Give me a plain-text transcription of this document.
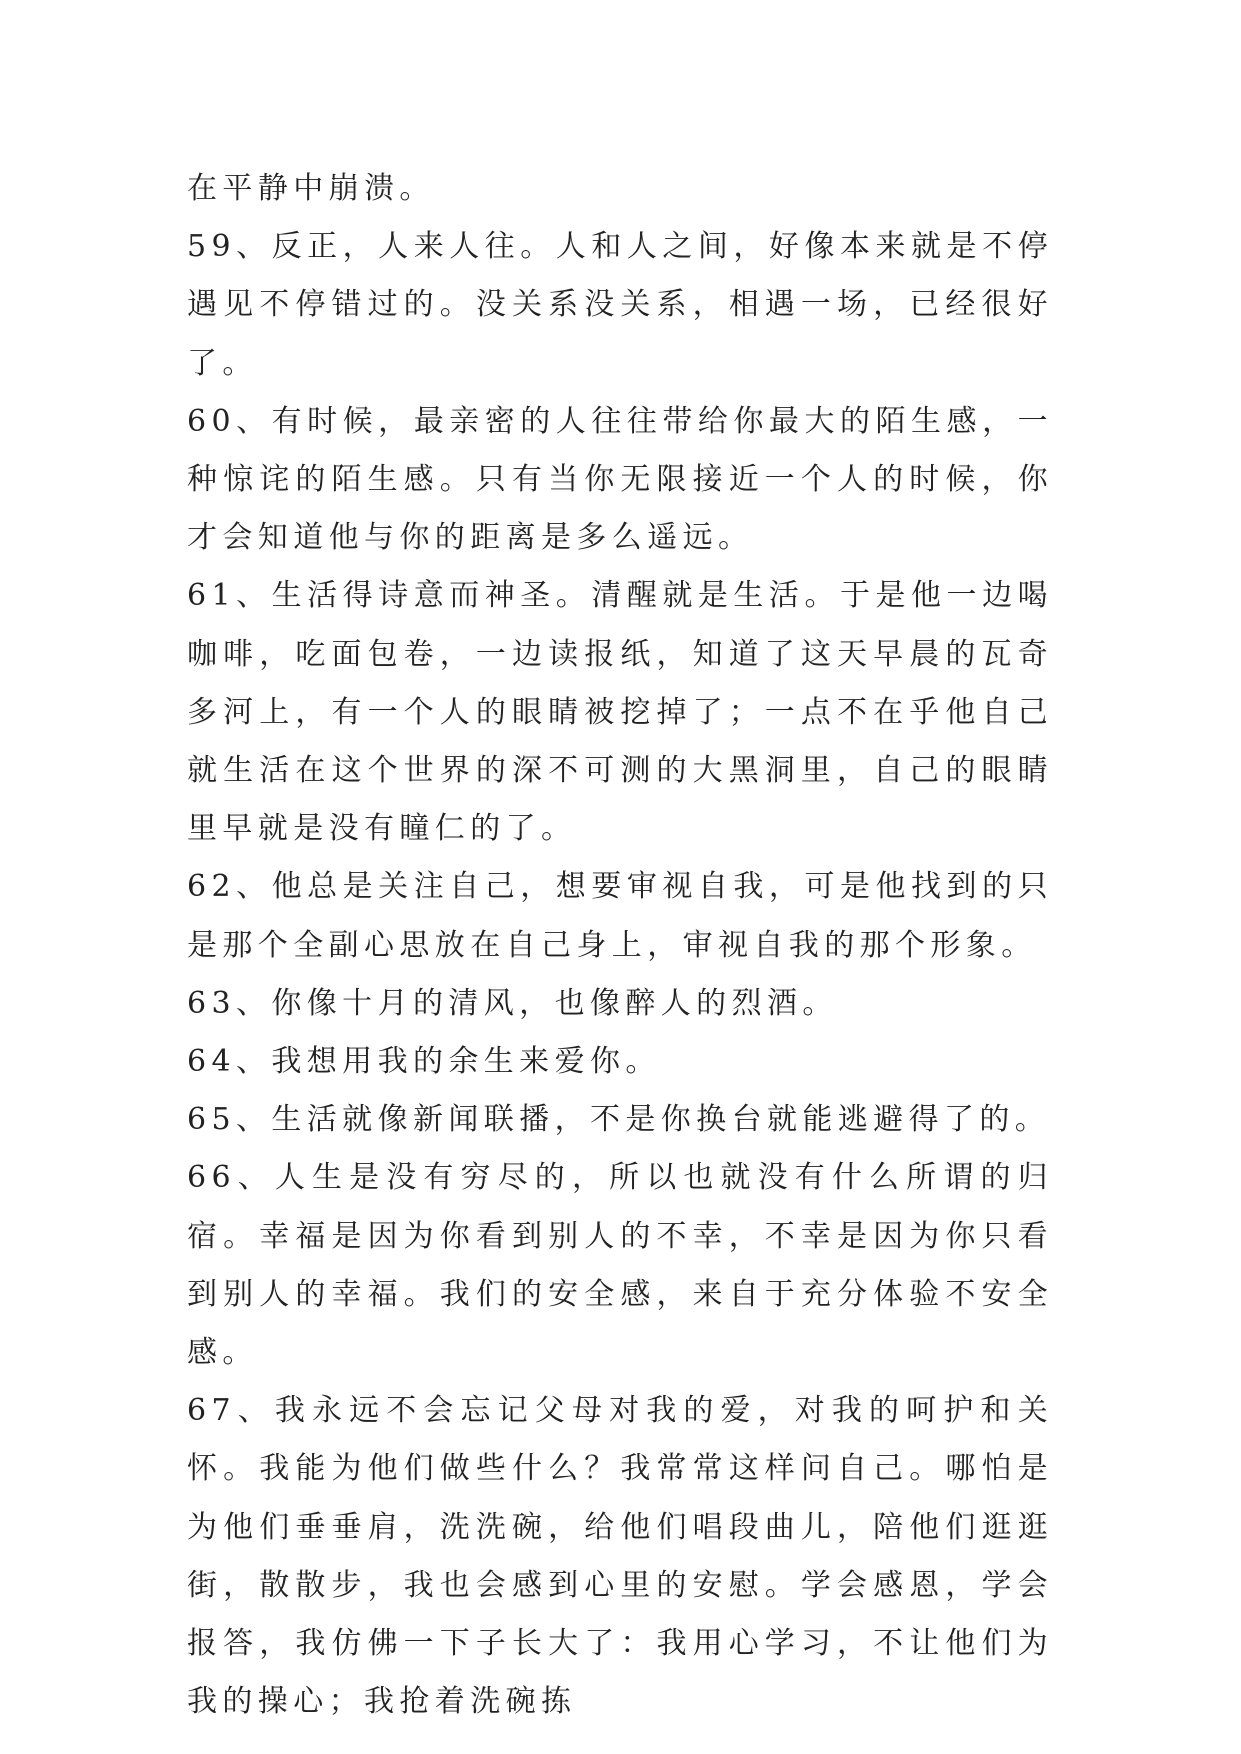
在平静中崩溃。

59、反正，人来人往。人和人之间，好像本来就是不停遇见不停错过的。没关系没关系，相遇一场，已经很好了。

60、有时候，最亲密的人往往带给你最大的陌生感，一种惊诧的陌生感。只有当你无限接近一个人的时候，你才会知道他与你的距离是多么遥远。

61、生活得诗意而神圣。清醒就是生活。于是他一边喝咖啡，吃面包卷，一边读报纸，知道了这天早晨的瓦奇多河上，有一个人的眼睛被挖掉了；一点不在乎他自己就生活在这个世界的深不可测的大黑洞里，自己的眼睛里早就是没有瞳仁的了。

62、他总是关注自己，想要审视自我，可是他找到的只是那个全副心思放在自己身上，审视自我的那个形象。

63、你像十月的清风，也像醉人的烈酒。

64、我想用我的余生来爱你。

65、生活就像新闻联播，不是你换台就能逃避得了的。

66、人生是没有穷尽的，所以也就没有什么所谓的归宿。幸福是因为你看到别人的不幸，不幸是因为你只看到别人的幸福。我们的安全感，来自于充分体验不安全感。

67、我永远不会忘记父母对我的爱，对我的呵护和关怀。我能为他们做些什么？我常常这样问自己。哪怕是为他们垂垂肩，洗洗碗，给他们唱段曲儿，陪他们逛逛街，散散步，我也会感到心里的安慰。学会感恩，学会报答，我仿佛一下子长大了：我用心学习，不让他们为我的操心；我抢着洗碗拣
